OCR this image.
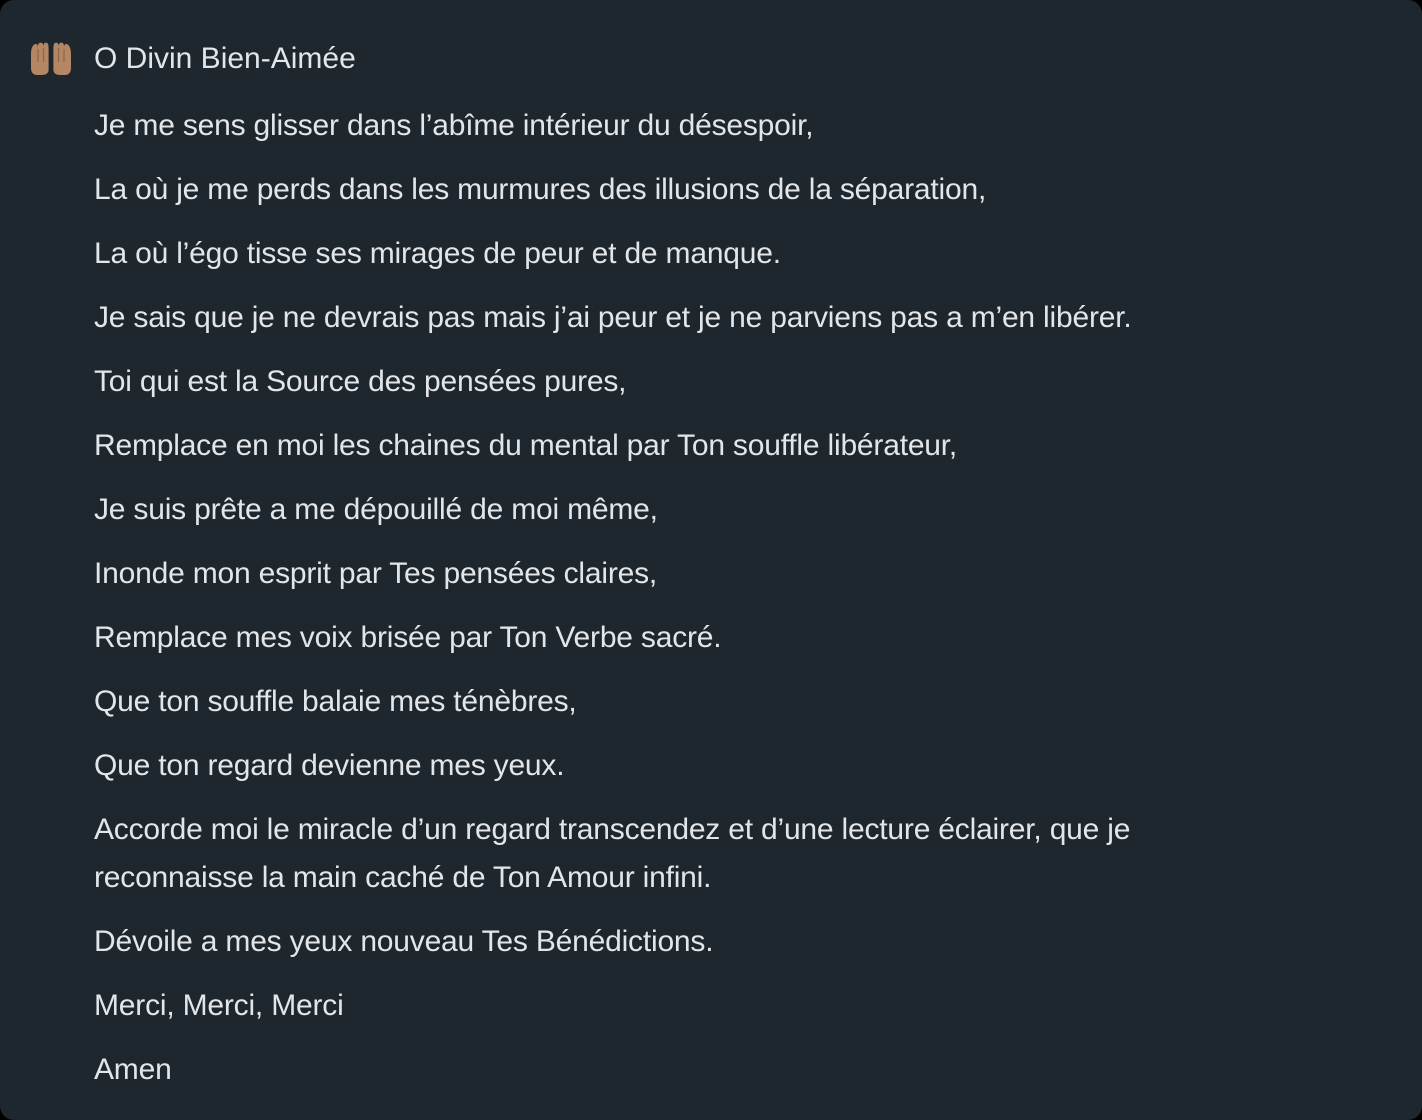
O Divin Bien-Aimée

Je me sens glisser dans l’abîme intérieur du désespoir,
La où je me perds dans les murmures des illusions de la séparation,
La où l’égo tisse ses mirages de peur et de manque.
Je sais que je ne devrais pas mais j’ai peur et je ne parviens pas a m’en libérer.
Toi qui est la Source des pensées pures,
Remplace en moi les chaines du mental par Ton souffle libérateur,
Je suis prête a me dépouillé de moi même,
Inonde mon esprit par Tes pensées claires,
Remplace mes voix brisée par Ton Verbe sacré.
Que ton souffle balaie mes ténèbres,
Que ton regard devienne mes yeux.
Accorde moi le miracle d’un regard transcendez et d’une lecture éclairer, que je reconnaisse la main caché de Ton Amour infini.
Dévoile a mes yeux nouveau Tes Bénédictions.
Merci, Merci, Merci
Amen
